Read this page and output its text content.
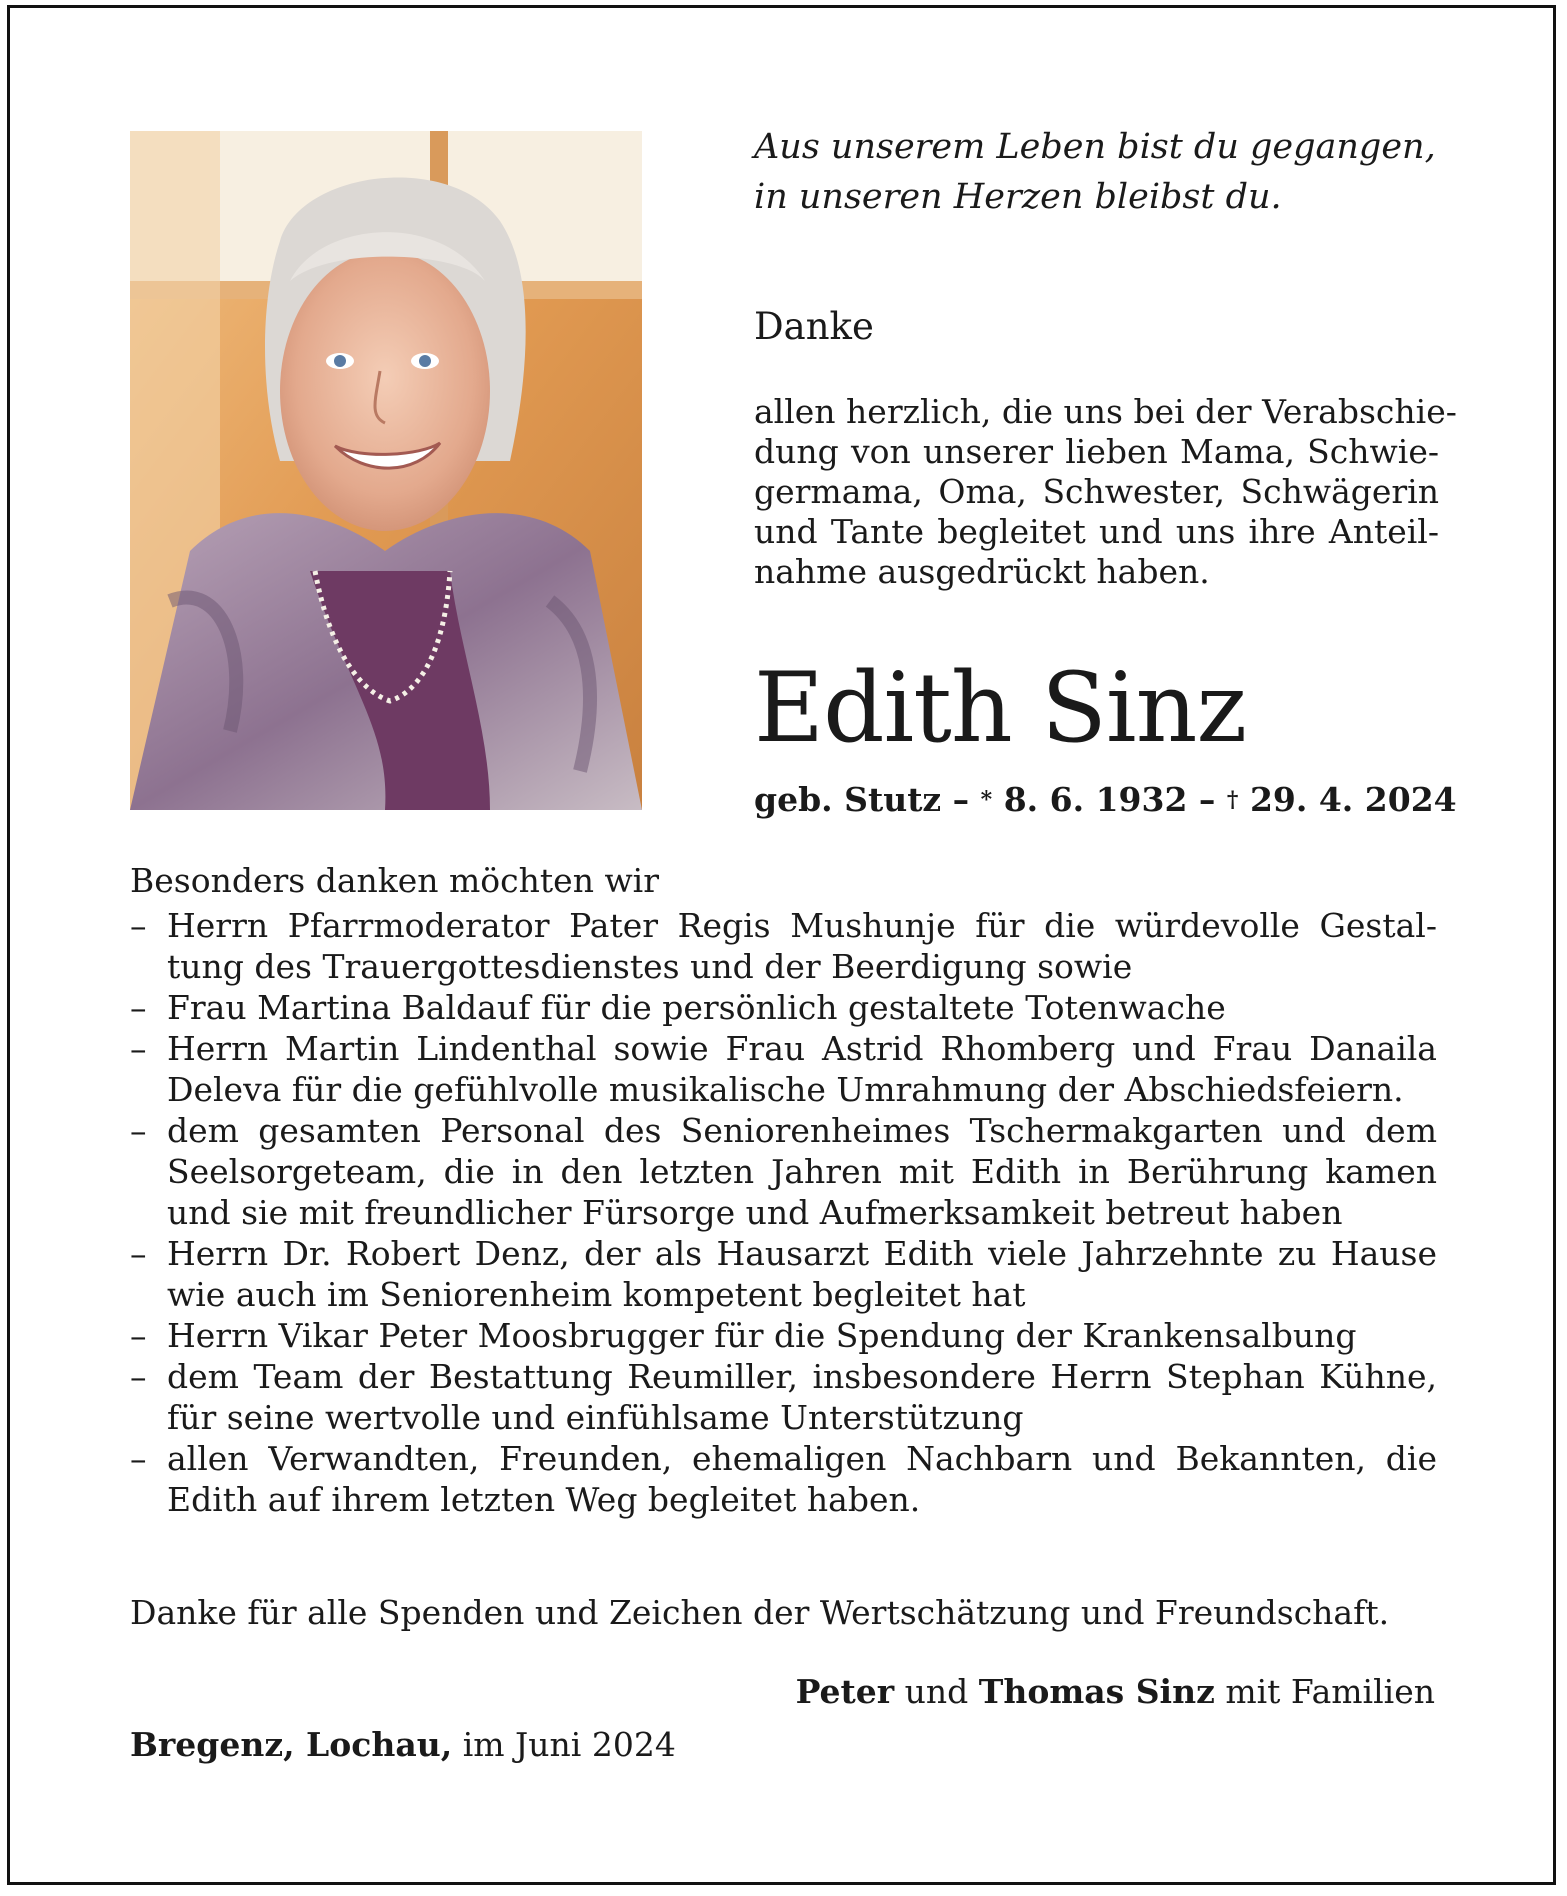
Aus unserem Leben bist du gegangen,
in unseren Herzen bleibst du.
Danke
allen herzlich, die uns bei der Verabschie-
dung von unserer lieben Mama, Schwie-
germama, Oma, Schwester, Schwägerin
und Tante begleitet und uns ihre Anteil-
nahme ausgedrückt haben.
Edith Sinz
geb. Stutz – * 8. 6. 1932 – † 29. 4. 2024
Besonders danken möchten wir
– Herrn Pfarrmoderator Pater Regis Mushunje für die würdevolle Gestal-
tung des Trauergottesdienstes und der Beerdigung sowie
– Frau Martina Baldauf für die persönlich gestaltete Totenwache
– Herrn Martin Lindenthal sowie Frau Astrid Rhomberg und Frau Danaila
Deleva für die gefühlvolle musikalische Umrahmung der Abschiedsfeiern.
– dem gesamten Personal des Seniorenheimes Tschermakgarten und dem
Seelsorgeteam, die in den letzten Jahren mit Edith in Berührung kamen
und sie mit freundlicher Fürsorge und Aufmerksamkeit betreut haben
– Herrn Dr. Robert Denz, der als Hausarzt Edith viele Jahrzehnte zu Hause
wie auch im Seniorenheim kompetent begleitet hat
– Herrn Vikar Peter Moosbrugger für die Spendung der Krankensalbung
– dem Team der Bestattung Reumiller, insbesondere Herrn Stephan Kühne,
für seine wertvolle und einfühlsame Unterstützung
– allen Verwandten, Freunden, ehemaligen Nachbarn und Bekannten, die
Edith auf ihrem letzten Weg begleitet haben.
Danke für alle Spenden und Zeichen der Wertschätzung und Freundschaft.
Peter und Thomas Sinz mit Familien
Bregenz, Lochau, im Juni 2024
